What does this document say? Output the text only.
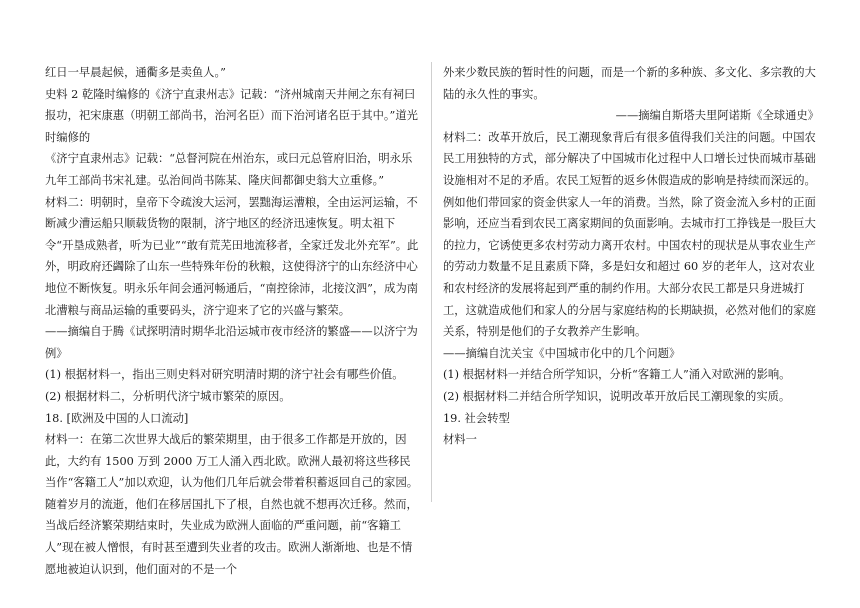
红日一早晨起候，通衢多是卖鱼人。”

史料 2 乾隆时编修的《济宁直隶州志》记载：“济州城南天井闸之东有祠曰报功，祀宋康惠（明朝工部尚书，治河名臣）而下治河诸名臣于其中。”道光时编修的

《济宁直隶州志》记载：“总督河院在州治东，或曰元总管府旧治，明永乐九年工部尚书宋礼建。弘治间尚书陈某、隆庆间都御史翁大立重修。”

材料二：明朝时，皇帝下令疏浚大运河，罢黜海运漕粮，全由运河运输，不断减少漕运船只顺载货物的限制，济宁地区的经济迅速恢复。明太祖下令“开垦成熟者，听为已业”“敢有荒芜田地流移者，全家迁发北外充军”。此外，明政府还蠲除了山东一些特殊年份的秋粮，这使得济宁的山东经济中心地位不断恢复。明永乐年间会通河畅通后，“南控徐沛，北接汶泗”，成为南北漕粮与商品运输的重要码头，济宁迎来了它的兴盛与繁荣。

——摘编自于腾《试探明清时期华北沿运城市夜市经济的繁盛——以济宁为例》

(1) 根据材料一，指出三则史料对研究明清时期的济宁社会有哪些价值。

(2) 根据材料二，分析明代济宁城市繁荣的原因。

18. [欧洲及中国的人口流动]

材料一：在第二次世界大战后的繁荣期里，由于很多工作都是开放的，因此，大约有 1500 万到 2000 万工人涌入西北欧。欧洲人最初将这些移民当作“客籍工人”加以欢迎，认为他们几年后就会带着积蓄返回自己的家园。随着岁月的流逝，他们在移居国扎下了根，自然也就不想再次迁移。然而，当战后经济繁荣期结束时，失业成为欧洲人面临的严重问题，前“客籍工人”现在被人憎恨，有时甚至遭到失业者的攻击。欧洲人渐渐地、也是不情愿地被迫认识到，他们面对的不是一个

外来少数民族的暂时性的问题，而是一个新的多种族、多文化、多宗教的大陆的永久性的事实。

——摘编自斯塔夫里阿诺斯《全球通史》

材料二：改革开放后，民工潮现象背后有很多值得我们关注的问题。中国农民工用独特的方式，部分解决了中国城市化过程中人口增长过快而城市基础设施相对不足的矛盾。农民工短暂的返乡休假造成的影响是持续而深远的。例如他们带回家的资金供家人一年的消费。当然，除了资金流入乡村的正面影响，还应当看到农民工离家期间的负面影响。去城市打工挣钱是一股巨大的拉力，它诱使更多农村劳动力离开农村。中国农村的现状是从事农业生产的劳动力数量不足且素质下降，多是妇女和超过 60 岁的老年人，这对农业和农村经济的发展将起到严重的制约作用。大部分农民工都是只身进城打工，这就造成他们和家人的分居与家庭结构的长期缺损，必然对他们的家庭关系，特别是他们的子女教养产生影响。

——摘编自沈关宝《中国城市化中的几个问题》

(1) 根据材料一并结合所学知识，分析“客籍工人”涌入对欧洲的影响。

(2) 根据材料二并结合所学知识，说明改革开放后民工潮现象的实质。

19. 社会转型

材料一
